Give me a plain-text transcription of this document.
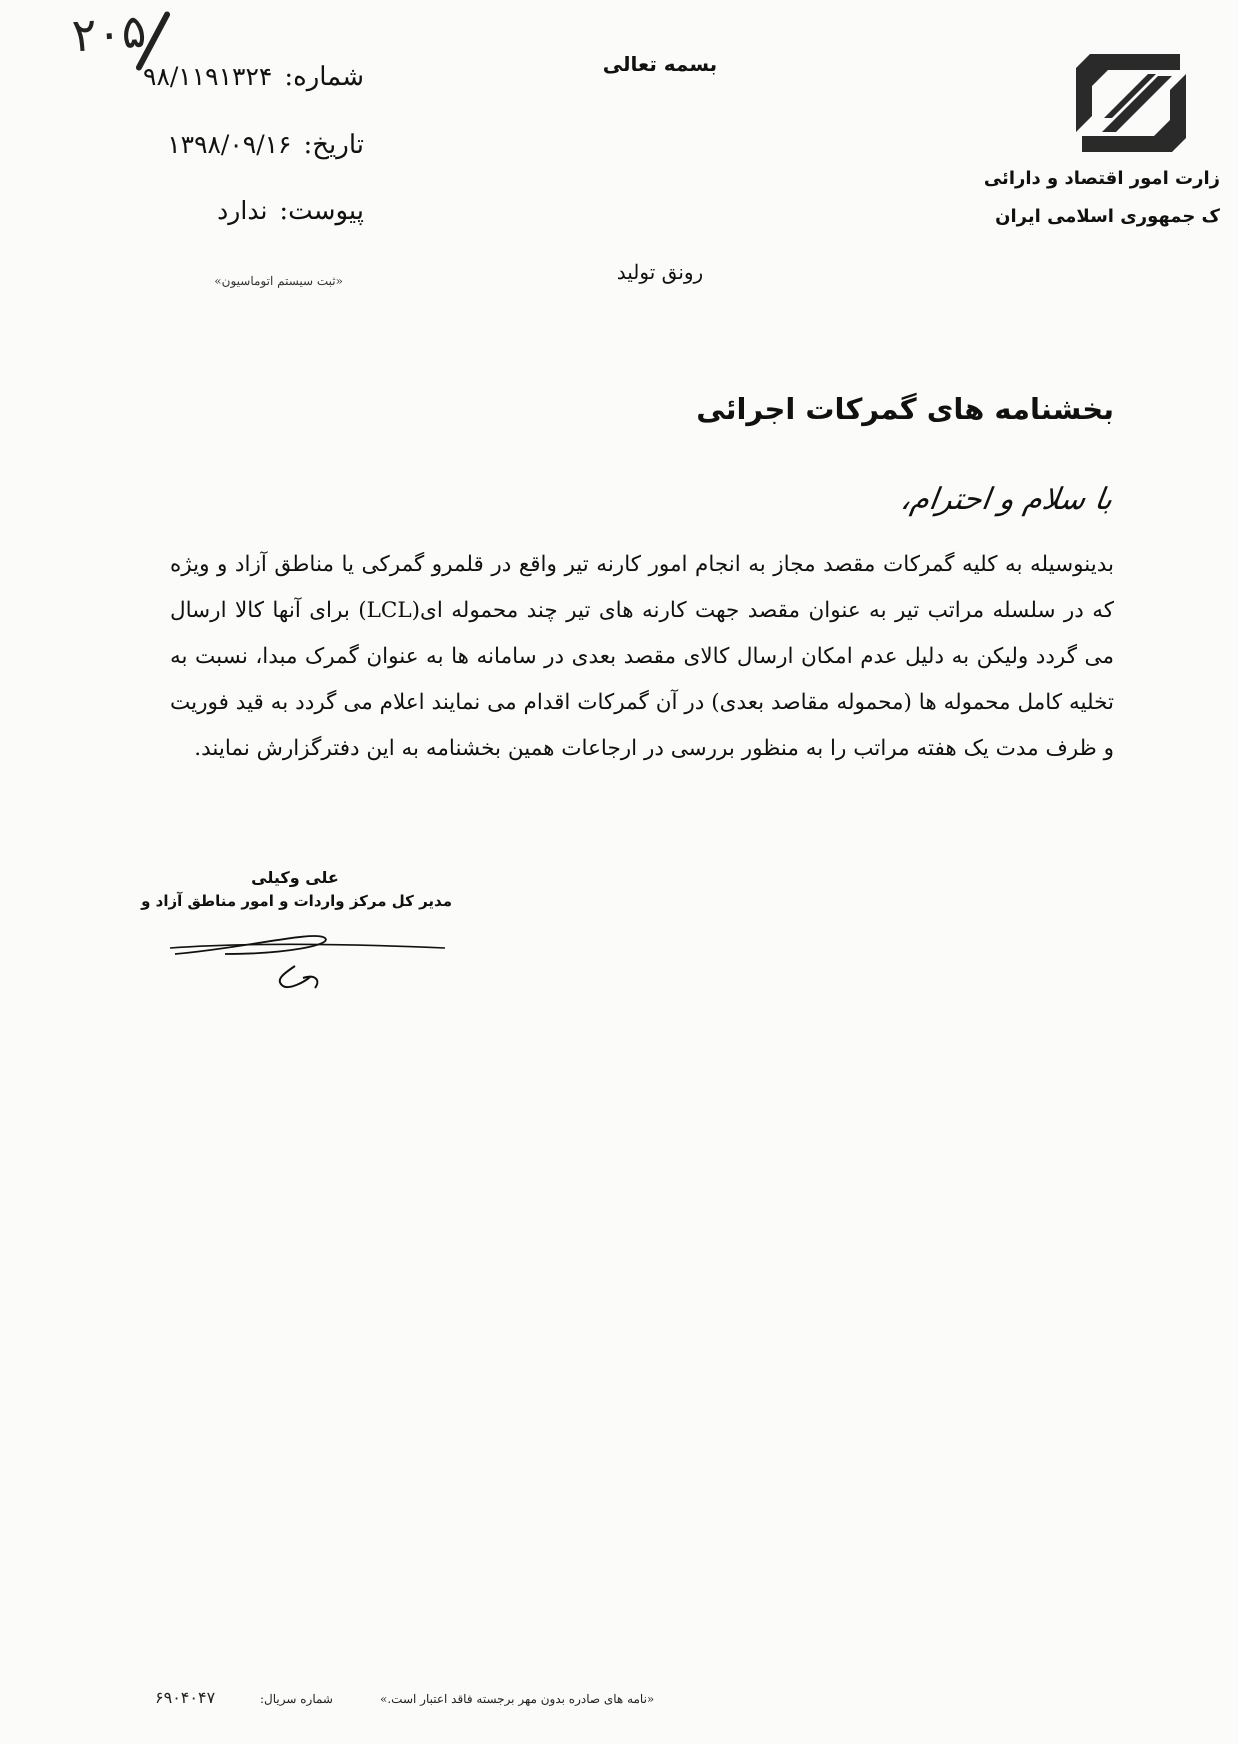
۲۰۵
شماره:۹۸/۱۱۹۱۳۲۴
تاریخ:۱۳۹۸/۰۹/۱۶
پیوست:ندارد
«ثبت سیستم اتوماسیون»
بسمه تعالی
رونق تولید
زارت امور اقتصاد و دارائی
ک جمهوری اسلامی ایران
بخشنامه های گمرکات اجرائی
با سلام و احترام،
بدینوسیله به کلیه گمرکات مقصد مجاز به انجام امور کارنه تیر واقع در قلمرو گمرکی یا مناطق آزاد و ویژه که در سلسله مراتب تیر به عنوان مقصد جهت کارنه های تیر چند محموله ای(LCL) برای آنها کالا ارسال می گردد ولیکن به دلیل عدم امکان ارسال کالای مقصد بعدی در سامانه ها به عنوان گمرک مبدا، نسبت به تخلیه کامل محموله ها (محموله مقاصد بعدی) در آن گمرکات اقدام می نمایند اعلام می گردد به قید فوریت و ظرف مدت یک هفته مراتب را به منظور بررسی در ارجاعات همین بخشنامه به این دفترگزارش نمایند.
علی وکیلی
مدیر کل مرکز واردات و امور مناطق آزاد و
«نامه های صادره بدون مهر برجسته فاقد اعتبار است.»
شماره سریال:
۶۹۰۴۰۴۷
